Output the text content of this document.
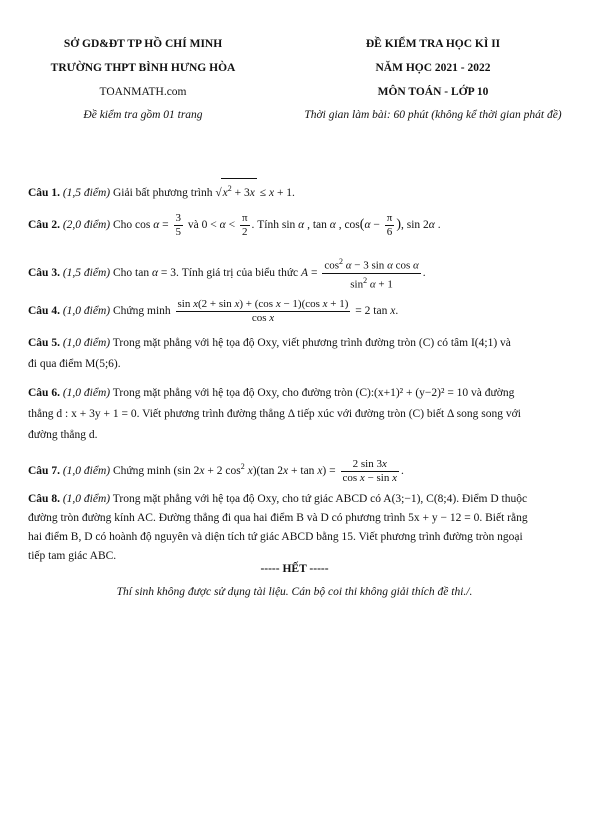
SỞ GD&ĐT TP HỒ CHÍ MINH
TRƯỜNG THPT BÌNH HƯNG HÒA
TOANMATH.com
Đề kiểm tra gồm 01 trang
ĐỀ KIỂM TRA HỌC KÌ II
NĂM HỌC 2021 - 2022
MÔN TOÁN - LỚP 10
Thời gian làm bài: 60 phút (không kể thời gian phát đề)
Câu 1. (1,5 điểm) Giải bất phương trình $√x^2 + 3x \le x + 1$.
Câu 2. (2,0 điểm) Cho $\cos \alpha = \frac{3}{5}$ và $0 < \alpha < \frac{\pi}{2}$ . Tính sin α , tan α , $\cos(\alpha - \frac{\pi}{6}$ ), sin 2α .
Câu 3. (1,5 điểm) Cho tan α = 3. Tính giá trị của biểu thức $A = \frac{\cos^2 \alpha - 3 \sin \alpha \cos \alpha}{\sin^2 \alpha + 1}$ .
Câu 4. (1,0 điểm) Chứng minh $\frac{\text{sin x(2 + sin x) + (cos x − 1)(cos x + 1)}}{\text{cos x}} = 2$ tan x.
Câu 5. (1,0 điểm) Trong mặt phẳng với hệ tọa độ Oxy, viết phương trình đường tròn (C) có tâm I(4;1) và
đi qua điểm M(5;6).
Câu 6. (1,0 điểm) Trong mặt phẳng với hệ tọa độ Oxy, cho đường tròn (C):(x+1)² + (y−2)² = 10 và đường
thẳng d : x + 3y + 1 = 0. Viết phương trình đường thẳng Δ tiếp xúc với đường tròn (C) biết Δ song song với
đường thẳng d.
Câu 7. (1,0 điểm) Chứng minh (sin 2x + 2 $\cos^2 x)(\tan$ $2x + \tan x) = \frac{2 \sin 3x}{\text{cos x − sin x}}$ .
Câu 8. (1,0 điểm) Trong mặt phẳng với hệ tọa độ Oxy, cho tứ giác ABCD có A(3;−1), C(8;4). Điểm D thuộc
đường tròn đường kính AC. Đường thẳng đi qua hai điểm B và D có phương trình 5x + y − 12 = 0. Biết rằng
hai điểm B, D có hoành độ nguyên và diện tích tứ giác ABCD bằng 15. Viết phương trình đường tròn ngoại
tiếp tam giác ABC.
----- HẾT -----
Thí sinh không được sử dụng tài liệu. Cán bộ coi thi không giải thích đề thi./.
